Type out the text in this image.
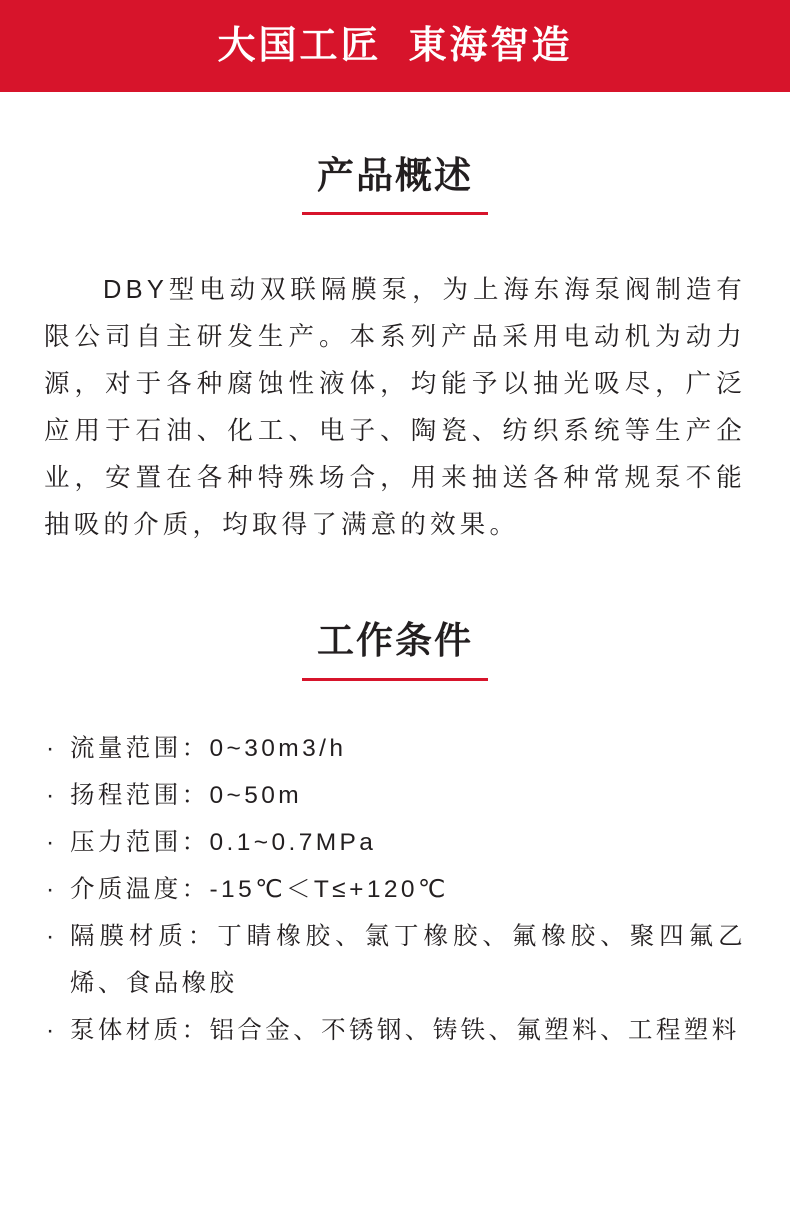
大国工匠  東海智造
产品概述

DBY型电动双联隔膜泵，为上海东海泵阀制造有限公司自主研发生产。本系列产品采用电动机为动力源，对于各种腐蚀性液体，均能予以抽光吸尽，广泛应用于石油、化工、电子、陶瓷、纺织系统等生产企业，安置在各种特殊场合，用来抽送各种常规泵不能抽吸的介质，均取得了满意的效果。

工作条件
· 流量范围：0~30m3/h
· 扬程范围：0~50m
· 压力范围：0.1~0.7MPa
· 介质温度：-15℃＜T≤+120℃
· 隔膜材质：丁睛橡胶、氯丁橡胶、氟橡胶、聚四氟乙烯、食品橡胶
· 泵体材质：铝合金、不锈钢、铸铁、氟塑料、工程塑料
